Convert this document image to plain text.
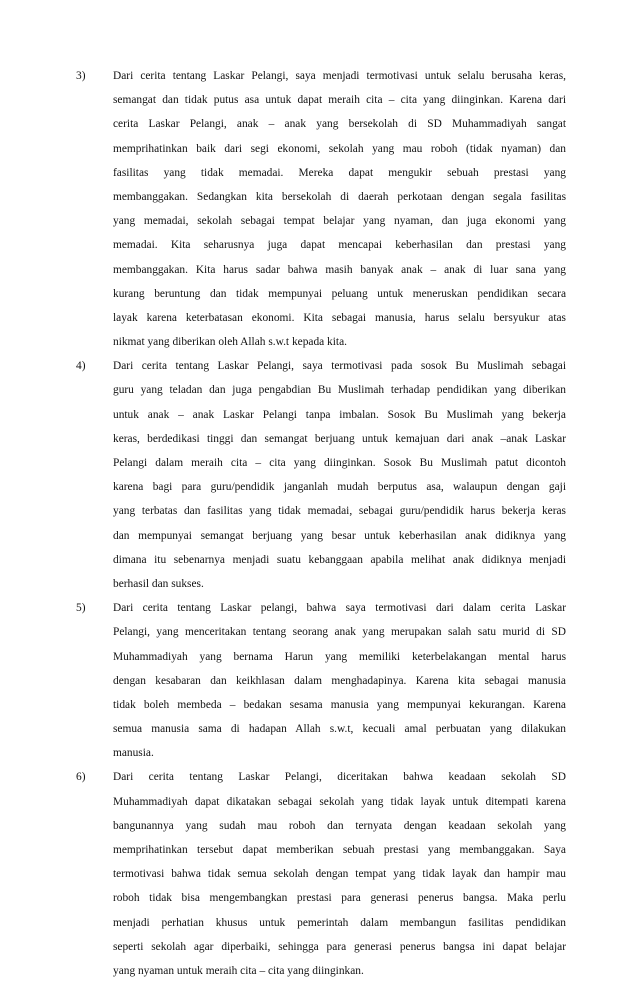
3) Dari cerita tentang Laskar Pelangi, saya menjadi termotivasi untuk selalu berusaha keras,
semangat dan tidak putus asa untuk dapat meraih cita – cita yang diinginkan. Karena dari
cerita Laskar Pelangi, anak – anak yang bersekolah di SD Muhammadiyah sangat
memprihatinkan baik dari segi ekonomi, sekolah yang mau roboh (tidak nyaman) dan
fasilitas yang tidak memadai. Mereka dapat mengukir sebuah prestasi yang
membanggakan. Sedangkan kita bersekolah di daerah perkotaan dengan segala fasilitas
yang memadai, sekolah sebagai tempat belajar yang nyaman, dan juga ekonomi yang
memadai. Kita seharusnya juga dapat mencapai keberhasilan dan prestasi yang
membanggakan. Kita harus sadar bahwa masih banyak anak – anak di luar sana yang
kurang beruntung dan tidak mempunyai peluang untuk meneruskan pendidikan secara
layak karena keterbatasan ekonomi. Kita sebagai manusia, harus selalu bersyukur atas
nikmat yang diberikan oleh Allah s.w.t kepada kita.
4) Dari cerita tentang Laskar Pelangi, saya termotivasi pada sosok Bu Muslimah sebagai
guru yang teladan dan juga pengabdian Bu Muslimah terhadap pendidikan yang diberikan
untuk anak – anak Laskar Pelangi tanpa imbalan. Sosok Bu Muslimah yang bekerja
keras, berdedikasi tinggi dan semangat berjuang untuk kemajuan dari anak –anak Laskar
Pelangi dalam meraih cita – cita yang diinginkan. Sosok Bu Muslimah patut dicontoh
karena bagi para guru/pendidik janganlah mudah berputus asa, walaupun dengan gaji
yang terbatas dan fasilitas yang tidak memadai, sebagai guru/pendidik harus bekerja keras
dan mempunyai semangat berjuang yang besar untuk keberhasilan anak didiknya yang
dimana itu sebenarnya menjadi suatu kebanggaan apabila melihat anak didiknya menjadi
berhasil dan sukses.
5) Dari cerita tentang Laskar pelangi, bahwa saya termotivasi dari dalam cerita Laskar
Pelangi, yang menceritakan tentang seorang anak yang merupakan salah satu murid di SD
Muhammadiyah yang bernama Harun yang memiliki keterbelakangan mental harus
dengan kesabaran dan keikhlasan dalam menghadapinya. Karena kita sebagai manusia
tidak boleh membeda – bedakan sesama manusia yang mempunyai kekurangan. Karena
semua manusia sama di hadapan Allah s.w.t, kecuali amal perbuatan yang dilakukan
manusia.
6) Dari cerita tentang Laskar Pelangi, diceritakan bahwa keadaan sekolah SD
Muhammadiyah dapat dikatakan sebagai sekolah yang tidak layak untuk ditempati karena
bangunannya yang sudah mau roboh dan ternyata dengan keadaan sekolah yang
memprihatinkan tersebut dapat memberikan sebuah prestasi yang membanggakan. Saya
termotivasi bahwa tidak semua sekolah dengan tempat yang tidak layak dan hampir mau
roboh tidak bisa mengembangkan prestasi para generasi penerus bangsa. Maka perlu
menjadi perhatian khusus untuk pemerintah dalam membangun fasilitas pendidikan
seperti sekolah agar diperbaiki, sehingga para generasi penerus bangsa ini dapat belajar
yang nyaman untuk meraih cita – cita yang diinginkan.
